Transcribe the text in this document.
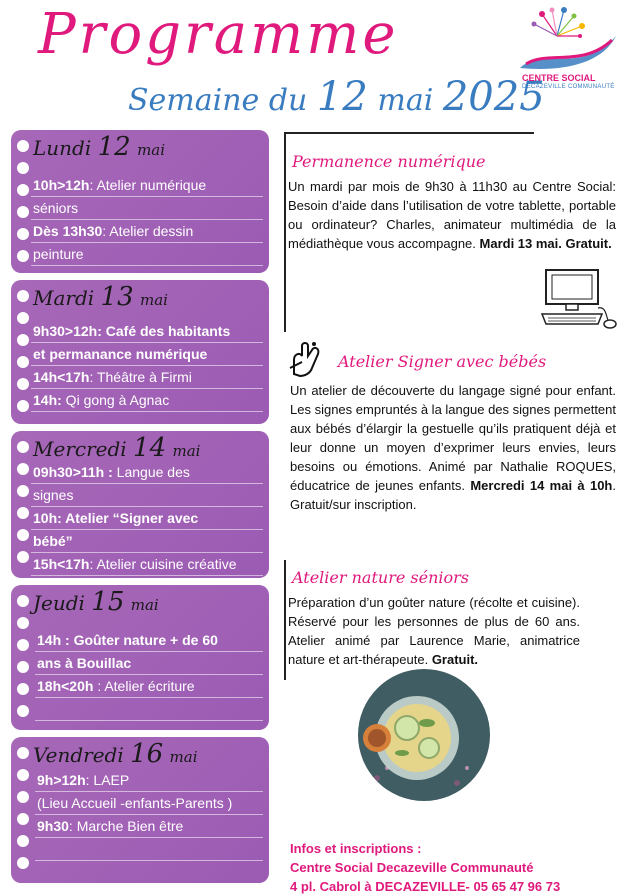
Programme
Semaine du 12 mai 2025
CENTRE SOCIAL
DECAZEVILLE COMMUNAUTÉ
Lundi 12 mai
10h>12h: Atelier numérique
séniors
Dès 13h30: Atelier dessin
peinture
Mardi 13 mai
9h30>12h: Café des habitants
et permanance numérique
14h<17h: Théâtre à Firmi
14h: Qi gong à Agnac
Mercredi 14 mai
09h30>11h : Langue des
signes
10h: Atelier “Signer avec
bébé”
15h<17h: Atelier cuisine créative
Jeudi 15 mai
14h : Goûter nature + de 60
ans à Bouillac
18h<20h : Atelier écriture
Vendredi 16 mai
9h>12h: LAEP
(Lieu Accueil -enfants-Parents )
9h30: Marche Bien être
Permanence numérique
Un mardi par mois de 9h30 à 11h30 au Centre Social: Besoin d’aide dans l’utilisation de votre tablette, portable ou ordinateur? Charles, animateur multimédia de la médiathèque vous accompagne. Mardi 13 mai. Gratuit.
Atelier Signer avec bébés
Un atelier de découverte du langage signé pour enfant. Les signes empruntés à la langue des signes permettent aux bébés d’élargir la gestuelle qu’ils pratiquent déjà et leur donne un moyen d’exprimer leurs envies, leurs besoins ou émotions. Animé par Nathalie ROQUES, éducatrice de jeunes enfants. Mercredi 14 mai à 10h. Gratuit/sur inscription.
Atelier nature séniors
Préparation d’un goûter nature (récolte et cuisine). Réservé pour les personnes de plus de 60 ans. Atelier animé par Laurence Marie, animatrice nature et art-thérapeute. Gratuit.
Infos et inscriptions :
Centre Social Decazeville Communauté
4 pl. Cabrol à DECAZEVILLE- 05 65 47 96 73
